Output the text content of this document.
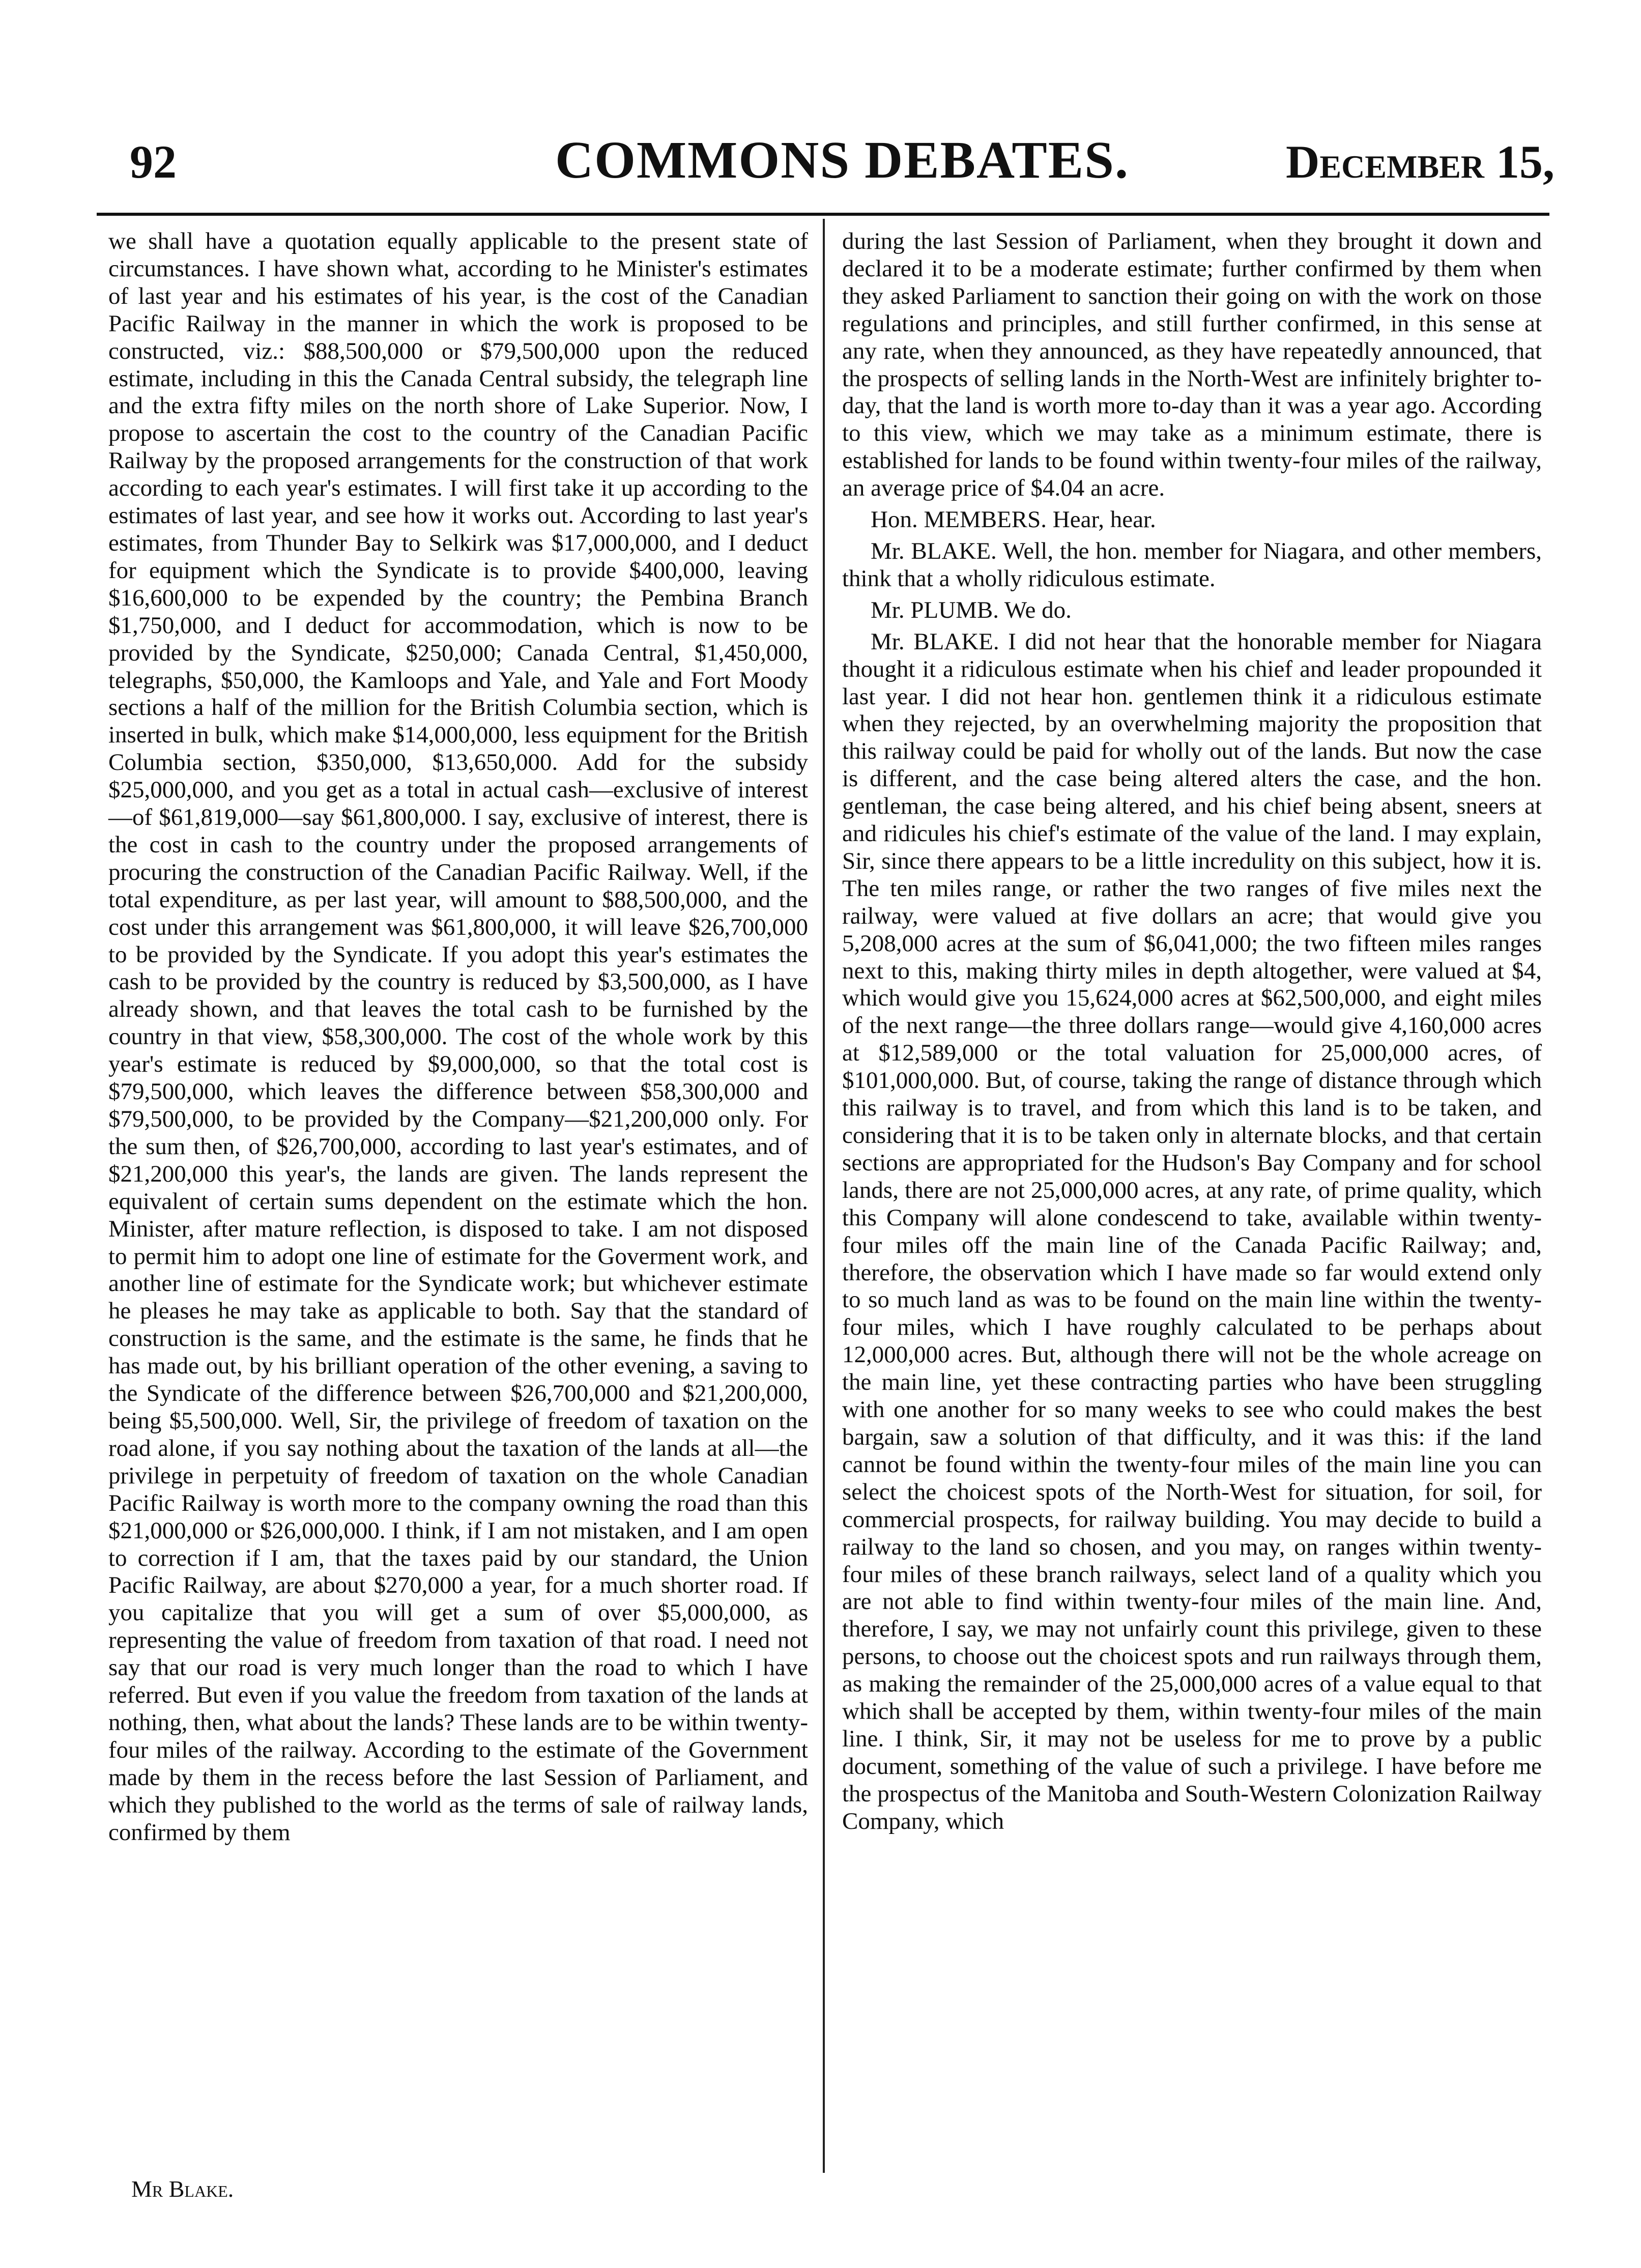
92	COMMONS DEBATES.	December 15,

we shall have a quotation equally applicable to the present state of circumstances. I have shown what, according to he Minister's estimates of last year and his estimates of his year, is the cost of the Canadian Pacific Railway in the manner in which the work is proposed to be constructed, viz.: $88,500,000 or $79,500,000 upon the reduced estimate, including in this the Canada Central subsidy, the telegraph line and the extra fifty miles on the north shore of Lake Superior. Now, I propose to ascertain the cost to the country of the Canadian Pacific Railway by the proposed arrangements for the construction of that work according to each year's estimates. I will first take it up according to the estimates of last year, and see how it works out. According to last year's estimates, from Thunder Bay to Selkirk was $17,000,000, and I deduct for equipment which the Syndicate is to provide $400,000, leaving $16,600,000 to be expended by the country; the Pembina Branch $1,750,000, and I deduct for accommodation, which is now to be provided by the Syndicate, $250,000; Canada Central, $1,450,000, telegraphs, $50,000, the Kamloops and Yale, and Yale and Fort Moody sections a half of the million for the British Columbia section, which is inserted in bulk, which make $14,000,000, less equipment for the British Columbia section, $350,000, $13,650,000. Add for the subsidy $25,000,000, and you get as a total in actual cash—exclusive of interest—of $61,819,000—say $61,800,000. I say, exclusive of interest, there is the cost in cash to the country under the proposed arrangements of procuring the construction of the Canadian Pacific Railway. Well, if the total expenditure, as per last year, will amount to $88,500,000, and the cost under this arrangement was $61,800,000, it will leave $26,700,000 to be provided by the Syndicate. If you adopt this year's estimates the cash to be provided by the country is reduced by $3,500,000, as I have already shown, and that leaves the total cash to be furnished by the country in that view, $58,300,000. The cost of the whole work by this year's estimate is reduced by $9,000,000, so that the total cost is $79,500,000, which leaves the difference between $58,300,000 and $79,500,000, to be provided by the Company—$21,200,000 only. For the sum then, of $26,700,000, according to last year's estimates, and of $21,200,000 this year's, the lands are given. The lands represent the equivalent of certain sums dependent on the estimate which the hon. Minister, after mature reflection, is disposed to take. I am not disposed to permit him to adopt one line of estimate for the Goverment work, and another line of estimate for the Syndicate work; but whichever estimate he pleases he may take as applicable to both. Say that the standard of construction is the same, and the estimate is the same, he finds that he has made out, by his brilliant operation of the other evening, a saving to the Syndicate of the difference between $26,700,000 and $21,200,000, being $5,500,000. Well, Sir, the privilege of freedom of taxation on the road alone, if you say nothing about the taxation of the lands at all—the privilege in perpetuity of freedom of taxation on the whole Canadian Pacific Railway is worth more to the company owning the road than this $21,000,000 or $26,000,000. I think, if I am not mistaken, and I am open to correction if I am, that the taxes paid by our standard, the Union Pacific Railway, are about $270,000 a year, for a much shorter road. If you capitalize that you will get a sum of over $5,000,000, as representing the value of freedom from taxation of that road. I need not say that our road is very much longer than the road to which I have referred. But even if you value the freedom from taxation of the lands at nothing, then, what about the lands? These lands are to be within twenty-four miles of the railway. According to the estimate of the Government made by them in the recess before the last Session of Parliament, and which they published to the world as the terms of sale of railway lands, confirmed by them

during the last Session of Parliament, when they brought it down and declared it to be a moderate estimate; further confirmed by them when they asked Parliament to sanction their going on with the work on those regulations and principles, and still further confirmed, in this sense at any rate, when they announced, as they have repeatedly announced, that the prospects of selling lands in the North-West are infinitely brighter to-day, that the land is worth more to-day than it was a year ago. According to this view, which we may take as a minimum estimate, there is established for lands to be found within twenty-four miles of the railway, an average price of $4.04 an acre.

Hon. MEMBERS. Hear, hear.

Mr. BLAKE. Well, the hon. member for Niagara, and other members, think that a wholly ridiculous estimate.

Mr. PLUMB. We do.

Mr. BLAKE. I did not hear that the honorable member for Niagara thought it a ridiculous estimate when his chief and leader propounded it last year. I did not hear hon. gentlemen think it a ridiculous estimate when they rejected, by an overwhelming majority the proposition that this railway could be paid for wholly out of the lands. But now the case is different, and the case being altered alters the case, and the hon. gentleman, the case being altered, and his chief being absent, sneers at and ridicules his chief's estimate of the value of the land. I may explain, Sir, since there appears to be a little incredulity on this subject, how it is. The ten miles range, or rather the two ranges of five miles next the railway, were valued at five dollars an acre; that would give you 5,208,000 acres at the sum of $6,041,000; the two fifteen miles ranges next to this, making thirty miles in depth altogether, were valued at $4, which would give you 15,624,000 acres at $62,500,000, and eight miles of the next range—the three dollars range—would give 4,160,000 acres at $12,589,000 or the total valuation for 25,000,000 acres, of $101,000,000. But, of course, taking the range of distance through which this railway is to travel, and from which this land is to be taken, and considering that it is to be taken only in alternate blocks, and that certain sections are appropriated for the Hudson's Bay Company and for school lands, there are not 25,000,000 acres, at any rate, of prime quality, which this Company will alone condescend to take, available within twenty-four miles off the main line of the Canada Pacific Railway; and, therefore, the observation which I have made so far would extend only to so much land as was to be found on the main line within the twenty-four miles, which I have roughly calculated to be perhaps about 12,000,000 acres. But, although there will not be the whole acreage on the main line, yet these contracting parties who have been struggling with one another for so many weeks to see who could makes the best bargain, saw a solution of that difficulty, and it was this: if the land cannot be found within the twenty-four miles of the main line you can select the choicest spots of the North-West for situation, for soil, for commercial prospects, for railway building. You may decide to build a railway to the land so chosen, and you may, on ranges within twenty-four miles of these branch railways, select land of a quality which you are not able to find within twenty-four miles of the main line. And, therefore, I say, we may not unfairly count this privilege, given to these persons, to choose out the choicest spots and run railways through them, as making the remainder of the 25,000,000 acres of a value equal to that which shall be accepted by them, within twenty-four miles of the main line. I think, Sir, it may not be useless for me to prove by a public document, something of the value of such a privilege. I have before me the prospectus of the Manitoba and South-Western Colonization Railway Company, which

Mr Blake.
